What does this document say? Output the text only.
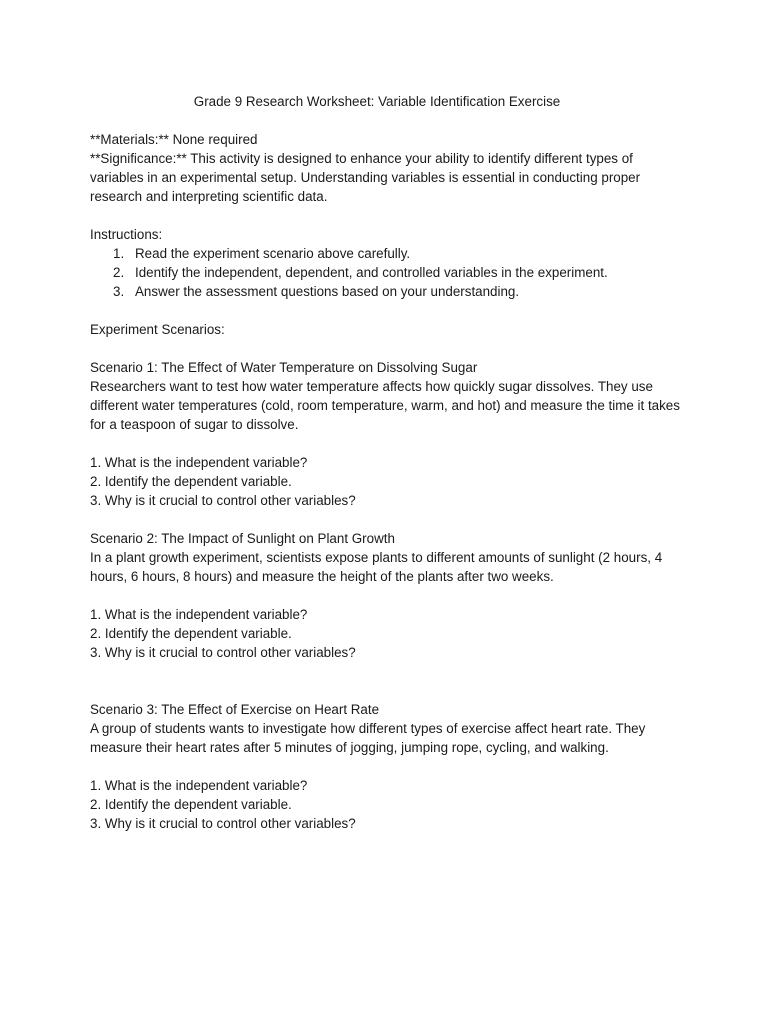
Grade 9 Research Worksheet: Variable Identification Exercise

**Materials:** None required

**Significance:** This activity is designed to enhance your ability to identify different types of variables in an experimental setup. Understanding variables is essential in conducting proper research and interpreting scientific data.

Instructions:

1. Read the experiment scenario above carefully.
2. Identify the independent, dependent, and controlled variables in the experiment.
3. Answer the assessment questions based on your understanding.

Experiment Scenarios:

Scenario 1: The Effect of Water Temperature on Dissolving Sugar

Researchers want to test how water temperature affects how quickly sugar dissolves. They use different water temperatures (cold, room temperature, warm, and hot) and measure the time it takes for a teaspoon of sugar to dissolve.

1. What is the independent variable?
2. Identify the dependent variable.
3. Why is it crucial to control other variables?

Scenario 2: The Impact of Sunlight on Plant Growth

In a plant growth experiment, scientists expose plants to different amounts of sunlight (2 hours, 4 hours, 6 hours, 8 hours) and measure the height of the plants after two weeks.

1. What is the independent variable?
2. Identify the dependent variable.
3. Why is it crucial to control other variables?

Scenario 3: The Effect of Exercise on Heart Rate

A group of students wants to investigate how different types of exercise affect heart rate. They measure their heart rates after 5 minutes of jogging, jumping rope, cycling, and walking.

1. What is the independent variable?
2. Identify the dependent variable.
3. Why is it crucial to control other variables?
